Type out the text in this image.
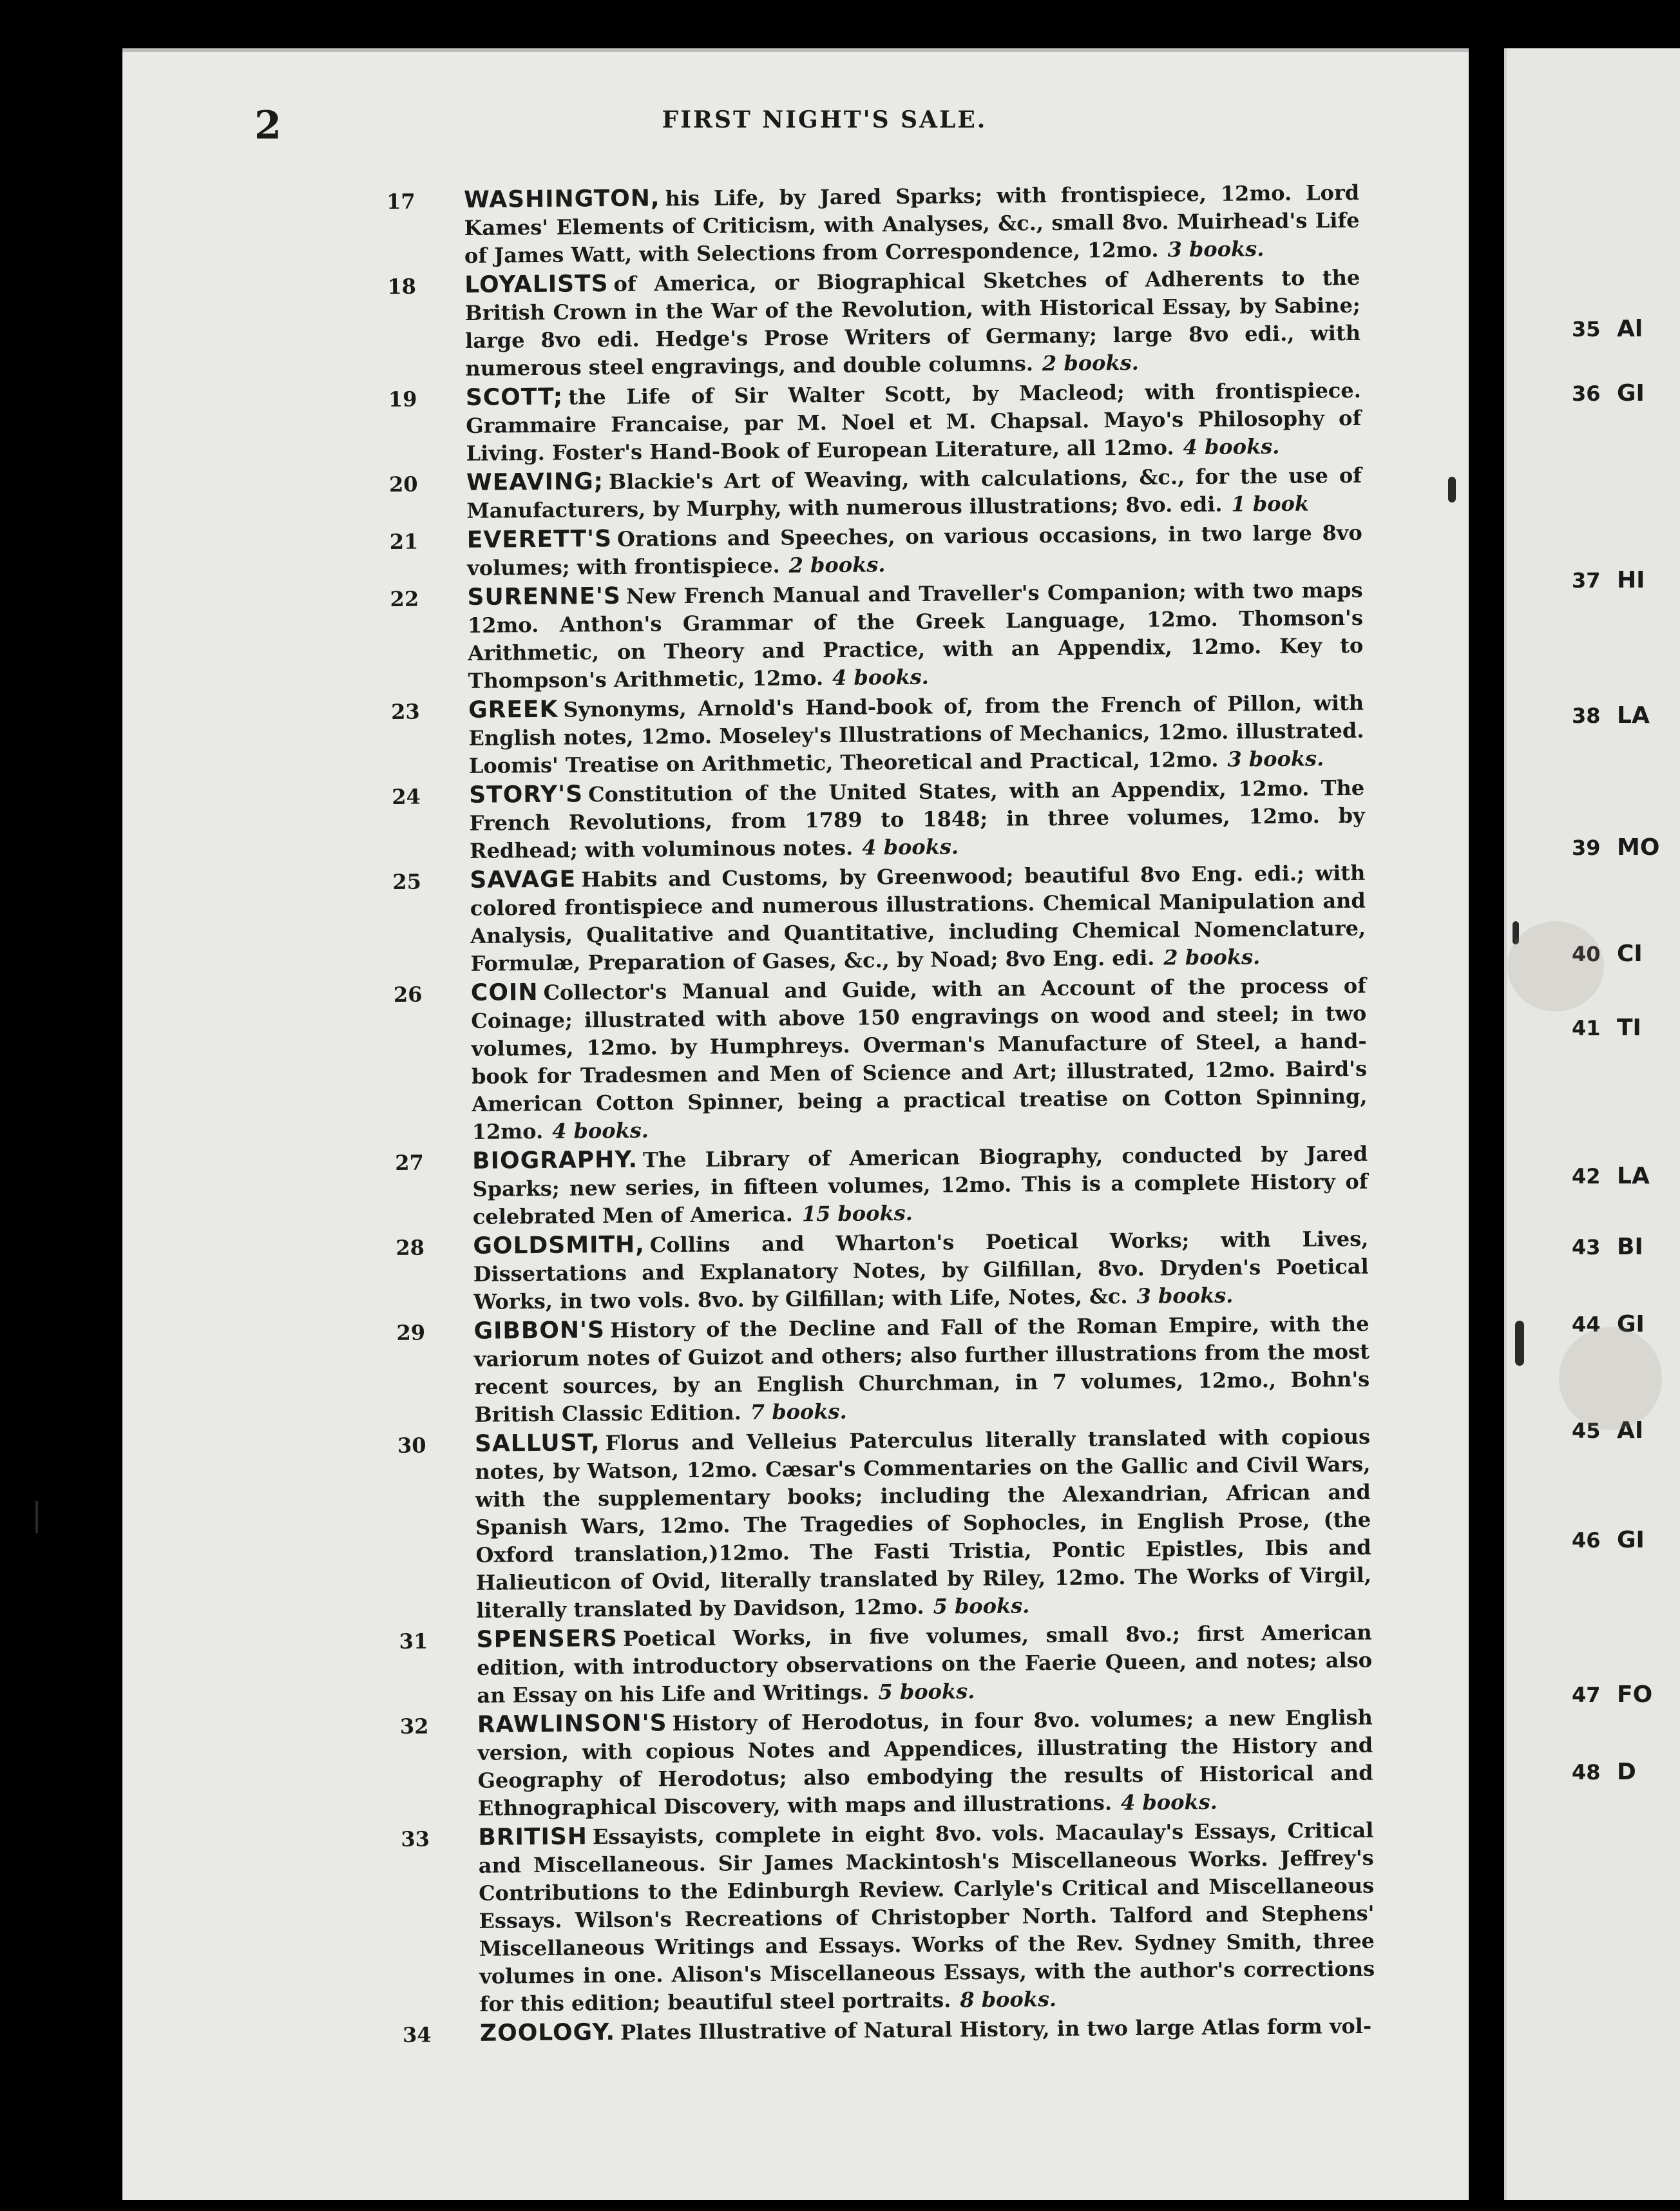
2	FIRST NIGHT'S SALE.
17 WASHINGTON, his Life, by Jared Sparks; with frontispiece, 12mo. Lord Kames' Elements of Criticism, with Analyses, &c., small 8vo. Muirhead's Life of James Watt, with Selections from Correspondence, 12mo. 3 books.
18 LOYALISTS of America, or Biographical Sketches of Adherents to the British Crown in the War of the Revolution, with Historical Essay, by Sabine; large 8vo edi. Hedge's Prose Writers of Germany; large 8vo edi., with numerous steel engravings, and double columns. 2 books.
19 SCOTT; the Life of Sir Walter Scott, by Macleod; with frontispiece. Grammaire Francaise, par M. Noel et M. Chapsal. Mayo's Philosophy of Living. Foster's Hand-Book of European Literature, all 12mo. 4 books.
20 WEAVING; Blackie's Art of Weaving, with calculations, &c., for the use of Manufacturers, by Murphy, with numerous illustrations; 8vo. edi. 1 book
21 EVERETT'S Orations and Speeches, on various occasions, in two large 8vo volumes; with frontispiece. 2 books.
22 SURENNE'S New French Manual and Traveller's Companion; with two maps 12mo. Anthon's Grammar of the Greek Language, 12mo. Thomson's Arithmetic, on Theory and Practice, with an Appendix, 12mo. Key to Thompson's Arithmetic, 12mo. 4 books.
23 GREEK Synonyms, Arnold's Hand-book of, from the French of Pillon, with English notes, 12mo. Moseley's Illustrations of Mechanics, 12mo. illustrated. Loomis' Treatise on Arithmetic, Theoretical and Practical, 12mo. 3 books.
24 STORY'S Constitution of the United States, with an Appendix, 12mo. The French Revolutions, from 1789 to 1848; in three volumes, 12mo. by Redhead; with voluminous notes. 4 books.
25 SAVAGE Habits and Customs, by Greenwood; beautiful 8vo Eng. edi.; with colored frontispiece and numerous illustrations. Chemical Manipulation and Analysis, Qualitative and Quantitative, including Chemical Nomenclature, Formulæ, Preparation of Gases, &c., by Noad; 8vo Eng. edi. 2 books.
26 COIN Collector's Manual and Guide, with an Account of the process of Coinage; illustrated with above 150 engravings on wood and steel; in two volumes, 12mo. by Humphreys. Overman's Manufacture of Steel, a hand-book for Tradesmen and Men of Science and Art; illustrated, 12mo. Baird's American Cotton Spinner, being a practical treatise on Cotton Spinning, 12mo. 4 books.
27 BIOGRAPHY. The Library of American Biography, conducted by Jared Sparks; new series, in fifteen volumes, 12mo. This is a complete History of celebrated Men of America. 15 books.
28 GOLDSMITH, Collins and Wharton's Poetical Works; with Lives, Dissertations and Explanatory Notes, by Gilfillan, 8vo. Dryden's Poetical Works, in two vols. 8vo. by Gilfillan; with Life, Notes, &c. 3 books.
29 GIBBON'S History of the Decline and Fall of the Roman Empire, with the variorum notes of Guizot and others; also further illustrations from the most recent sources, by an English Churchman, in 7 volumes, 12mo., Bohn's British Classic Edition. 7 books.
30 SALLUST, Florus and Velleius Paterculus literally translated with copious notes, by Watson, 12mo. Cæsar's Commentaries on the Gallic and Civil Wars, with the supplementary books; including the Alexandrian, African and Spanish Wars, 12mo. The Tragedies of Sophocles, in English Prose, (the Oxford translation,)12mo. The Fasti Tristia, Pontic Epistles, Ibis and Halieuticon of Ovid, literally translated by Riley, 12mo. The Works of Virgil, literally translated by Davidson, 12mo. 5 books.
31 SPENSERS Poetical Works, in five volumes, small 8vo.; first American edition, with introductory observations on the Faerie Queen, and notes; also an Essay on his Life and Writings. 5 books.
32 RAWLINSON'S History of Herodotus, in four 8vo. volumes; a new English version, with copious Notes and Appendices, illustrating the History and Geography of Herodotus; also embodying the results of Historical and Ethnographical Discovery, with maps and illustrations. 4 books.
33 BRITISH Essayists, complete in eight 8vo. vols. Macaulay's Essays, Critical and Miscellaneous. Sir James Mackintosh's Miscellaneous Works. Jeffrey's Contributions to the Edinburgh Review. Carlyle's Critical and Miscellaneous Essays. Wilson's Recreations of Christopber North. Talford and Stephens' Miscellaneous Writings and Essays. Works of the Rev. Sydney Smith, three volumes in one. Alison's Miscellaneous Essays, with the author's corrections for this edition; beautiful steel portraits. 8 books.
34 ZOOLOGY. Plates Illustrative of Natural History, in two large Atlas form vol-
35 Al
36 GI
37 HI
38 LA
39 MO
40 CI
41 TI
42 LA
43 BI
44 GI
45 AI
46 GI
47 FO
48 D
